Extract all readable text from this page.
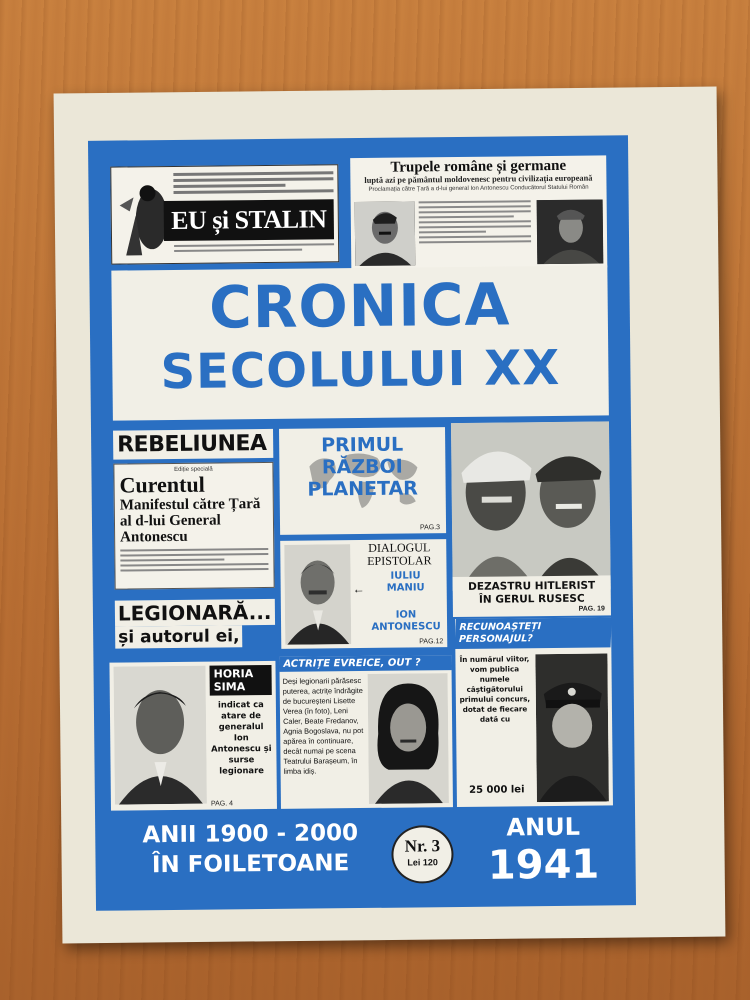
EU și STALIN
Trupele române și germane
luptă azi pe pământul moldovenesc pentru civilizația europeană
Proclamația către Țară a d-lui general Ion Antonescu Conducătorul Statului Român
CRONICA
SECOLULUI XX
REBELIUNEA
Ediție specială
Curentul
Manifestul către Țară
al d-lui General Antonescu
PRIMUL
RĂZBOI
PLANETAR
PAG.3
DIALOGUL
EPISTOLAR
←
IULIU
MANIU
ION
ANTONESCU
PAG.12
DEZASTRU HITLERIST
ÎN GERUL RUSESC
PAG. 19
LEGIONARĂ... și autorul ei,
HORIA
SIMA
indicat ca atare de generalul Ion Antonescu și surse legionare
PAG. 4
ACTRIȚE EVREICE, OUT ?
Deși legionarii părăsesc puterea, actrițe îndrăgite de bucureșteni Lisette Verea (în foto), Leni Caler, Beate Fredanov, Agnia Bogoslava, nu pot apărea în continuare, decât numai pe scena Teatrului Barașeum, în limba idiș.
RECUNOAȘTEȚI
PERSONAJUL?
În numărul viitor, vom publica numele câștigătorului primului concurs, dotat de fiecare dată cu
25 000 lei
ANII 1900 - 2000
ÎN FOILETOANE
Nr. 3
Lei 120
ANUL
1941
